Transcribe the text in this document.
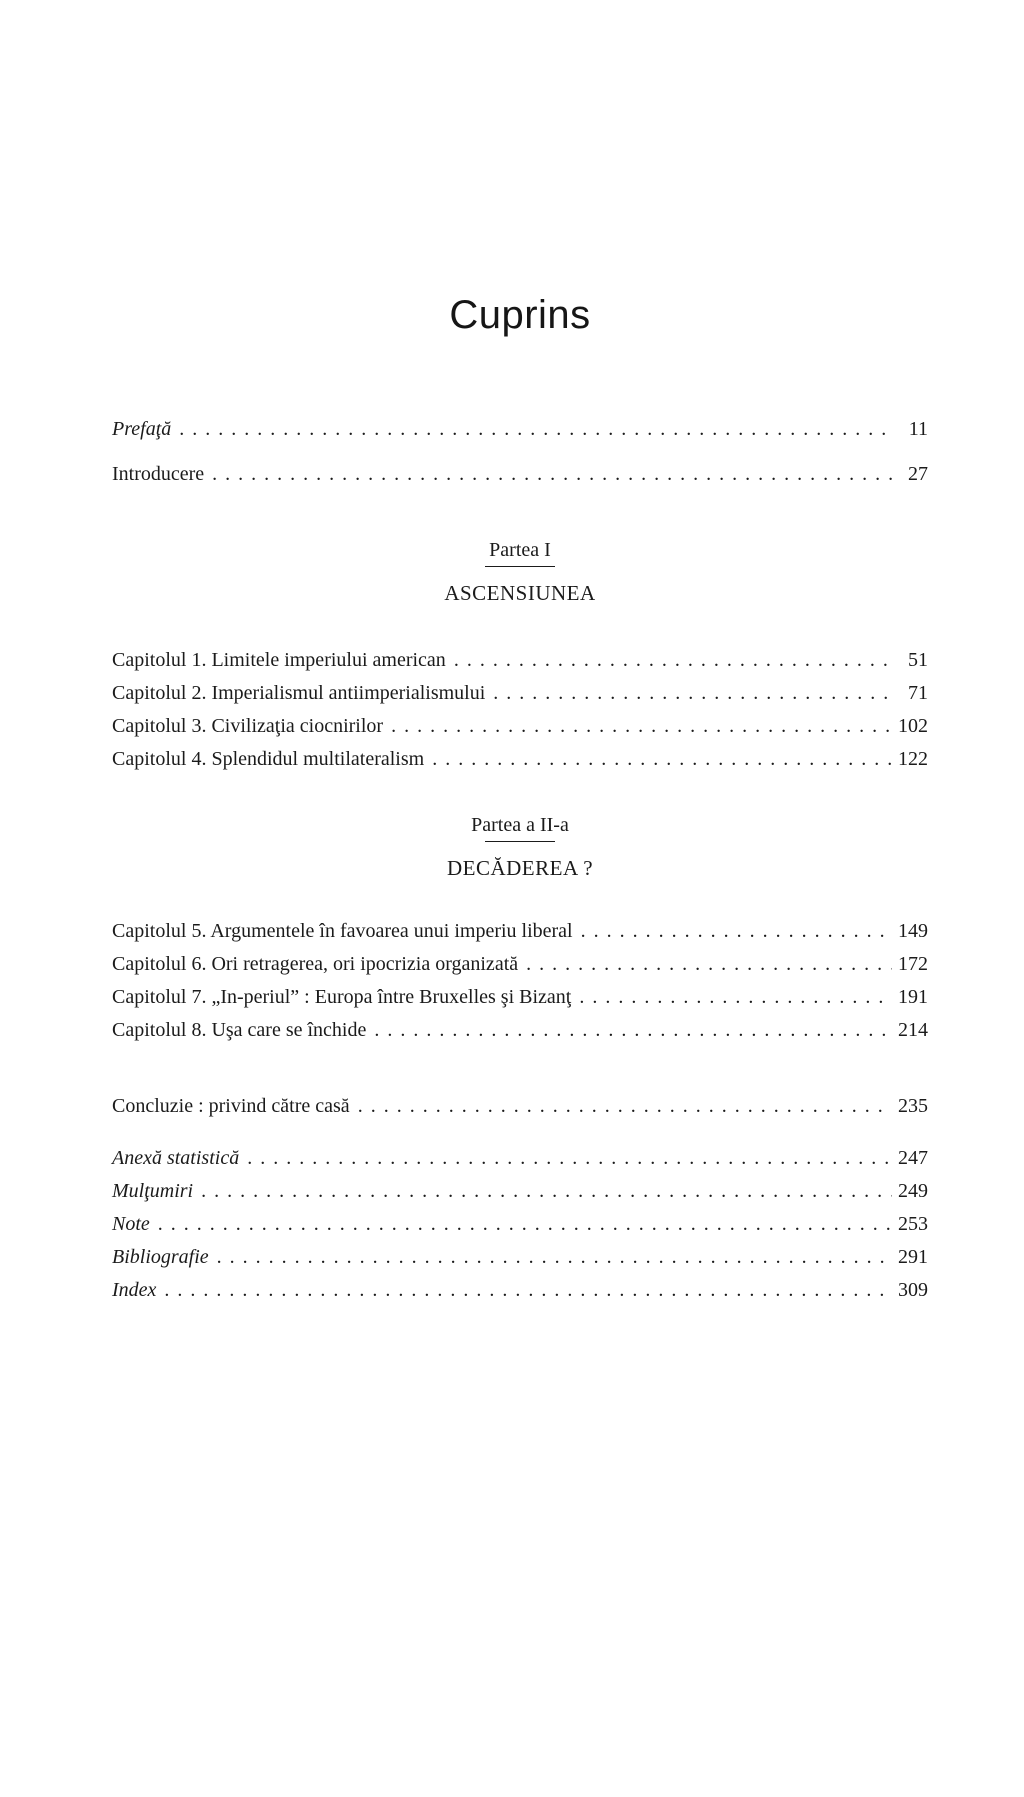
Cuprins
Prefaţă . . .	11
Introducere . . .	27
Partea I
ASCENSIUNEA
Capitolul 1. Limitele imperiului american . . .	51
Capitolul 2. Imperialismul antiimperialismului . . .	71
Capitolul 3. Civilizaţia ciocnirilor . . .	102
Capitolul 4. Splendidul multilateralism . . .	122
Partea a II-a
DECĂDEREA ?
Capitolul 5. Argumentele în favoarea unui imperiu liberal . . .	149
Capitolul 6. Ori retragerea, ori ipocrizia organizată . . .	172
Capitolul 7. „In-periul” : Europa între Bruxelles şi Bizanţ . . .	191
Capitolul 8. Uşa care se închide . . .	214
Concluzie : privind către casă . . .	235
Anexă statistică . . .	247
Mulţumiri . . .	249
Note . . .	253
Bibliografie . . .	291
Index . . .	309
